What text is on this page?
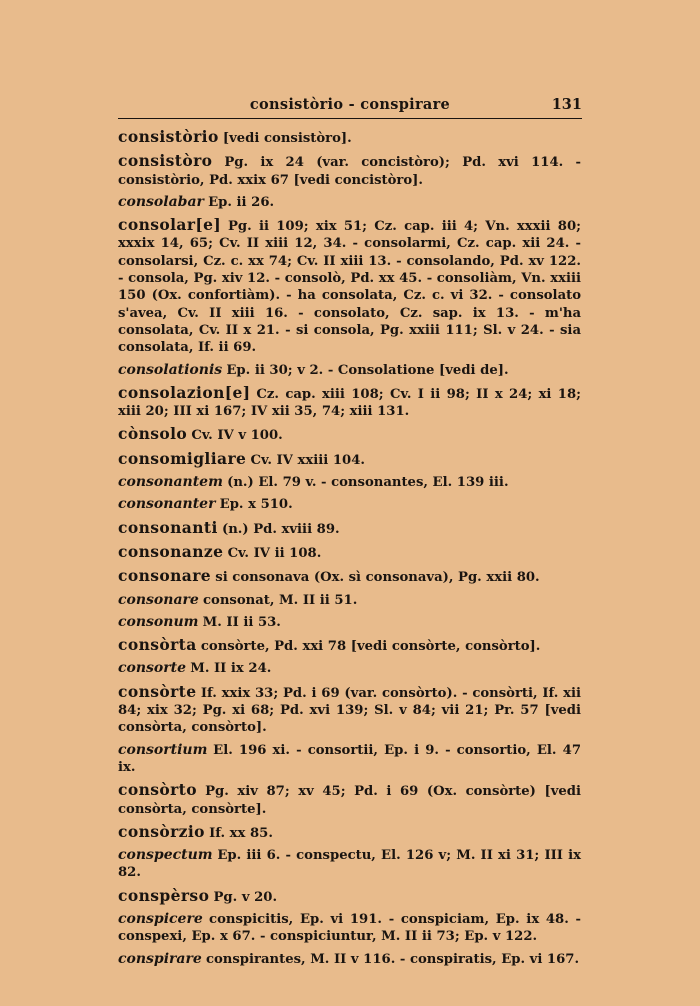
consistòrio - conspirare	131

consistòrio [vedi consistòro].

consistòro Pg. ix 24 (var. concistòro); Pd. xvi 114. - consistòrio, Pd. xxix 67 [vedi concistòro].

consolabar Ep. ii 26.

consolar[e] Pg. ii 109; xix 51; Cz. cap. iii 4; Vn. xxxii 80; xxxix 14, 65; Cv. II xiii 12, 34. - consolarmi, Cz. cap. xii 24. - consolarsi, Cz. c. xx 74; Cv. II xiii 13. - consolando, Pd. xv 122. - consola, Pg. xiv 12. - consolò, Pd. xx 45. - consoliàm, Vn. xxiii 150 (Ox. confortiàm). - ha consolata, Cz. c. vi 32. - consolato s'avea, Cv. II xiii 16. - consolato, Cz. sap. ix 13. - m'ha consolata, Cv. II x 21. - si consola, Pg. xxiii 111; Sl. v 24. - sia consolata, If. ii 69.

consolationis Ep. ii 30; v 2. - Consolatione [vedi de].

consolazion[e] Cz. cap. xiii 108; Cv. I ii 98; II x 24; xi 18; xiii 20; III xi 167; IV xii 35, 74; xiii 131.

cònsolo Cv. IV v 100.

consomigliare Cv. IV xxiii 104.

consonantem (n.) El. 79 v. - consonantes, El. 139 iii.

consonanter Ep. x 510.

consonanti (n.) Pd. xviii 89.

consonanze Cv. IV ii 108.

consonare si consonava (Ox. sì consonava), Pg. xxii 80.

consonare consonat, M. II ii 51.

consonum M. II ii 53.

consòrta consòrte, Pd. xxi 78 [vedi consòrte, consòrto].

consorte M. II ix 24.

consòrte If. xxix 33; Pd. i 69 (var. consòrto). - consòrti, If. xii 84; xix 32; Pg. xi 68; Pd. xvi 139; Sl. v 84; vii 21; Pr. 57 [vedi consòrta, consòrto].

consortium El. 196 xi. - consortii, Ep. i 9. - consortio, El. 47 ix.

consòrto Pg. xiv 87; xv 45; Pd. i 69 (Ox. consòrte) [vedi consòrta, consòrte].

consòrzio If. xx 85.

conspectum Ep. iii 6. - conspectu, El. 126 v; M. II xi 31; III ix 82.

conspèrso Pg. v 20.

conspicere conspicitis, Ep. vi 191. - conspiciam, Ep. ix 48. - conspexi, Ep. x 67. - conspiciuntur, M. II ii 73; Ep. v 122.

conspirare conspirantes, M. II v 116. - conspiratis, Ep. vi 167.
